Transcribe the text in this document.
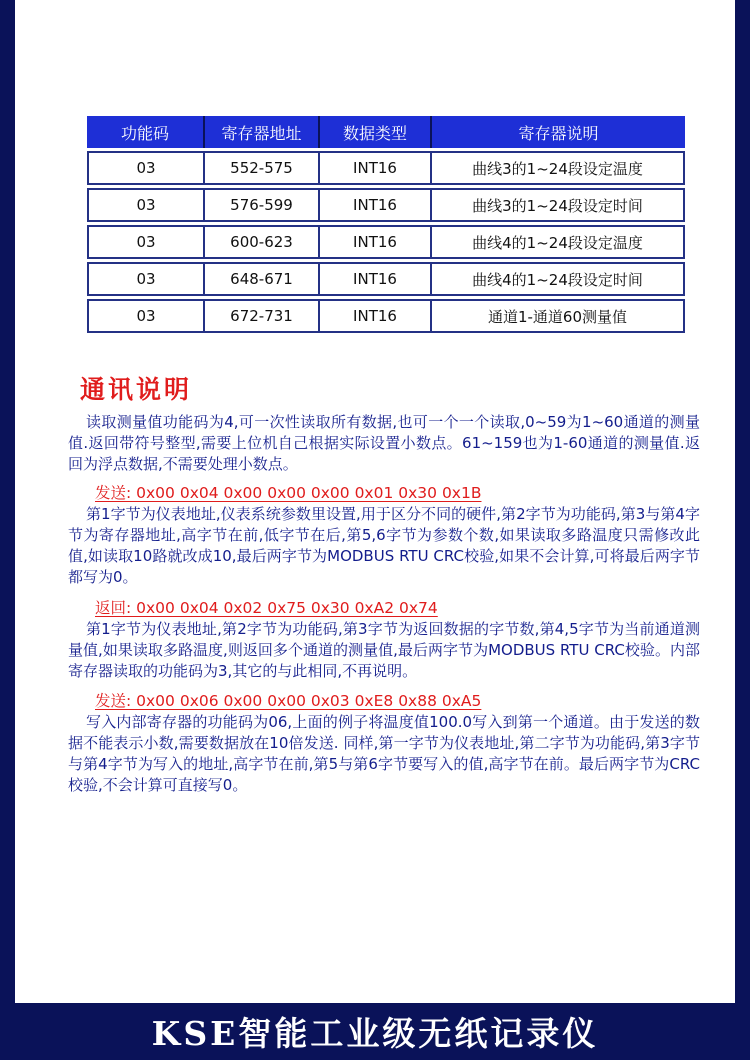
功能码	寄存器地址	数据类型	寄存器说明
03	552-575	INT16	曲线3的1~24段设定温度
03	576-599	INT16	曲线3的1~24段设定时间
03	600-623	INT16	曲线4的1~24段设定温度
03	648-671	INT16	曲线4的1~24段设定时间
03	672-731	INT16	通道1-通道60测量值
通讯说明

读取测量值功能码为4,可一次性读取所有数据,也可一个一个读取,0~59为1~60通道的测量值.返回带符号整型,需要上位机自己根据实际设置小数点。61~159也为1-60通道的测量值.返回为浮点数据,不需要处理小数点。

发送: 0x00 0x04 0x00 0x00 0x00 0x01 0x30 0x1B

第1字节为仪表地址,仪表系统参数里设置,用于区分不同的硬件,第2字节为功能码,第3与第4字节为寄存器地址,高字节在前,低字节在后,第5,6字节为参数个数,如果读取多路温度只需修改此值,如读取10路就改成10,最后两字节为MODBUS RTU CRC校验,如果不会计算,可将最后两字节都写为0。

返回: 0x00 0x04 0x02 0x75 0x30 0xA2 0x74

第1字节为仪表地址,第2字节为功能码,第3字节为返回数据的字节数,第4,5字节为当前通道测量值,如果读取多路温度,则返回多个通道的测量值,最后两字节为MODBUS RTU CRC校验。内部寄存器读取的功能码为3,其它的与此相同,不再说明。

发送: 0x00 0x06 0x00 0x00 0x03 0xE8 0x88 0xA5

写入内部寄存器的功能码为06,上面的例子将温度值100.0写入到第一个通道。由于发送的数据不能表示小数,需要数据放在10倍发送. 同样,第一字节为仪表地址,第二字节为功能码,第3字节与第4字节为写入的地址,高字节在前,第5与第6字节要写入的值,高字节在前。最后两字节为CRC校验,不会计算可直接写0。

KSE智能工业级无纸记录仪
